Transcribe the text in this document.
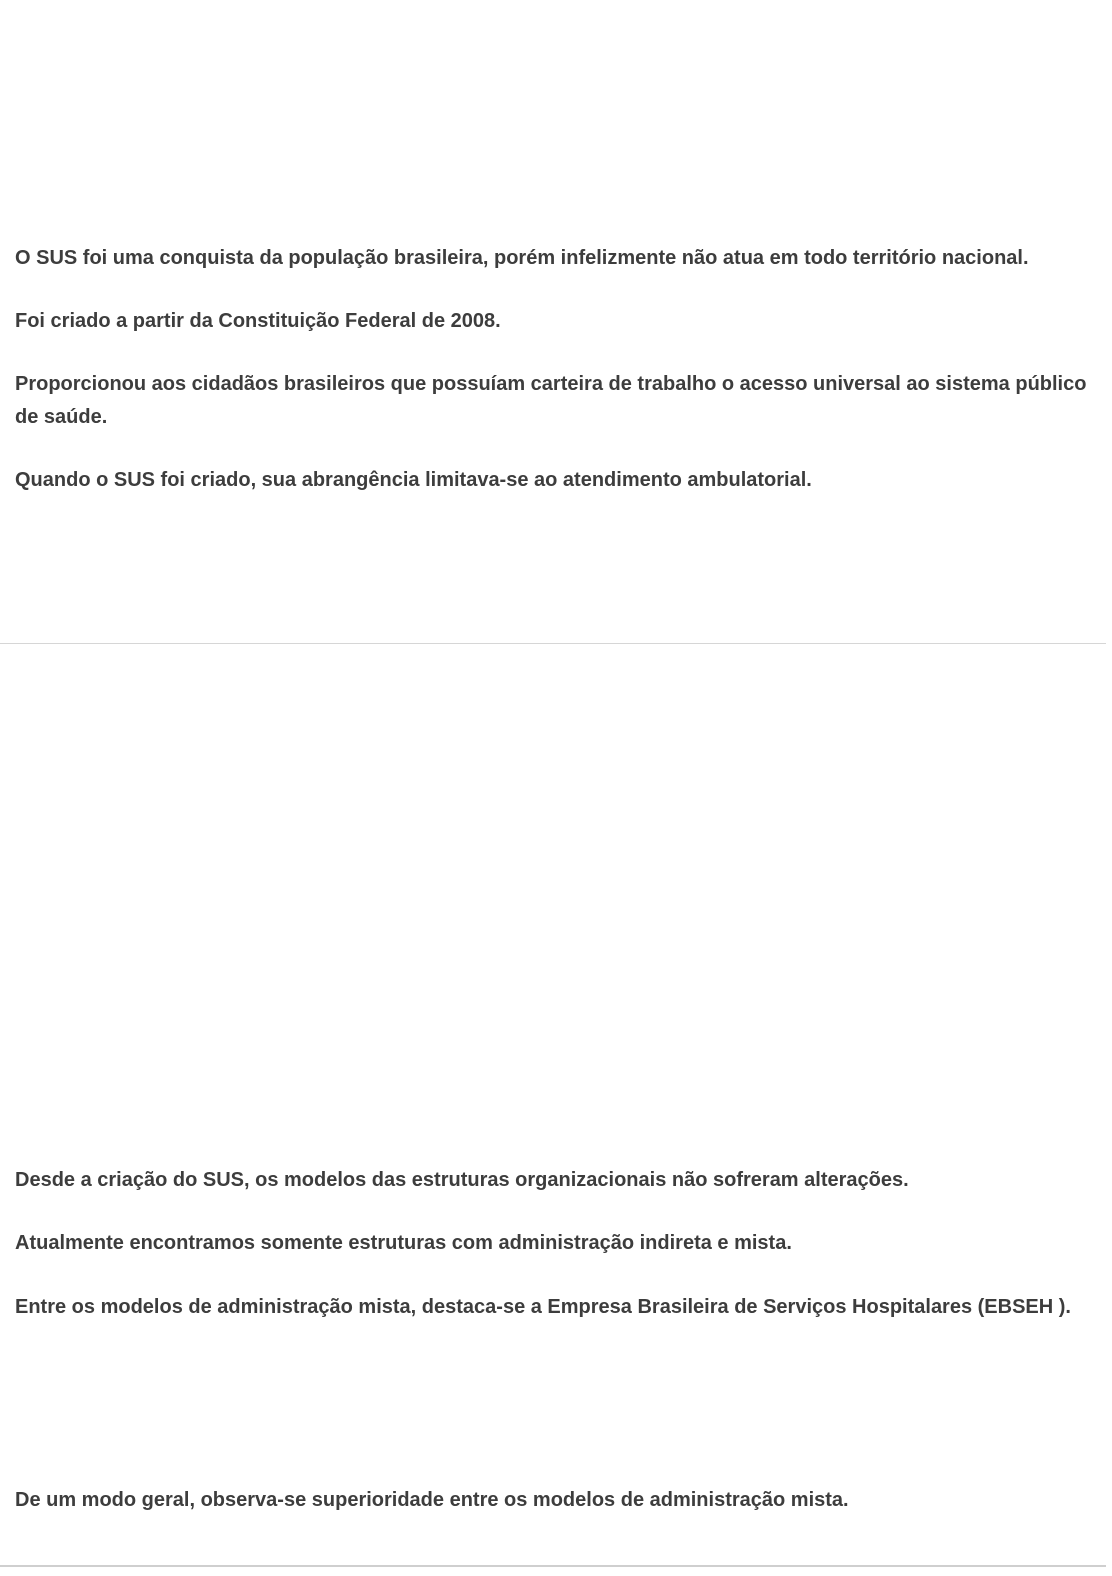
O SUS foi uma conquista da população brasileira, porém infelizmente não atua em todo território nacional.

Foi criado a partir da Constituição Federal de 2008.

Proporcionou aos cidadãos brasileiros que possuíam carteira de trabalho o acesso universal ao sistema público de saúde.

Quando o SUS foi criado, sua abrangência limitava-se ao atendimento ambulatorial.

Desde a criação do SUS, os modelos das estruturas organizacionais não sofreram alterações.

Atualmente encontramos somente estruturas com administração indireta e mista.

Entre os modelos de administração mista, destaca-se a Empresa Brasileira de Serviços Hospitalares (EBSEH ).

De um modo geral, observa-se superioridade entre os modelos de administração mista.
